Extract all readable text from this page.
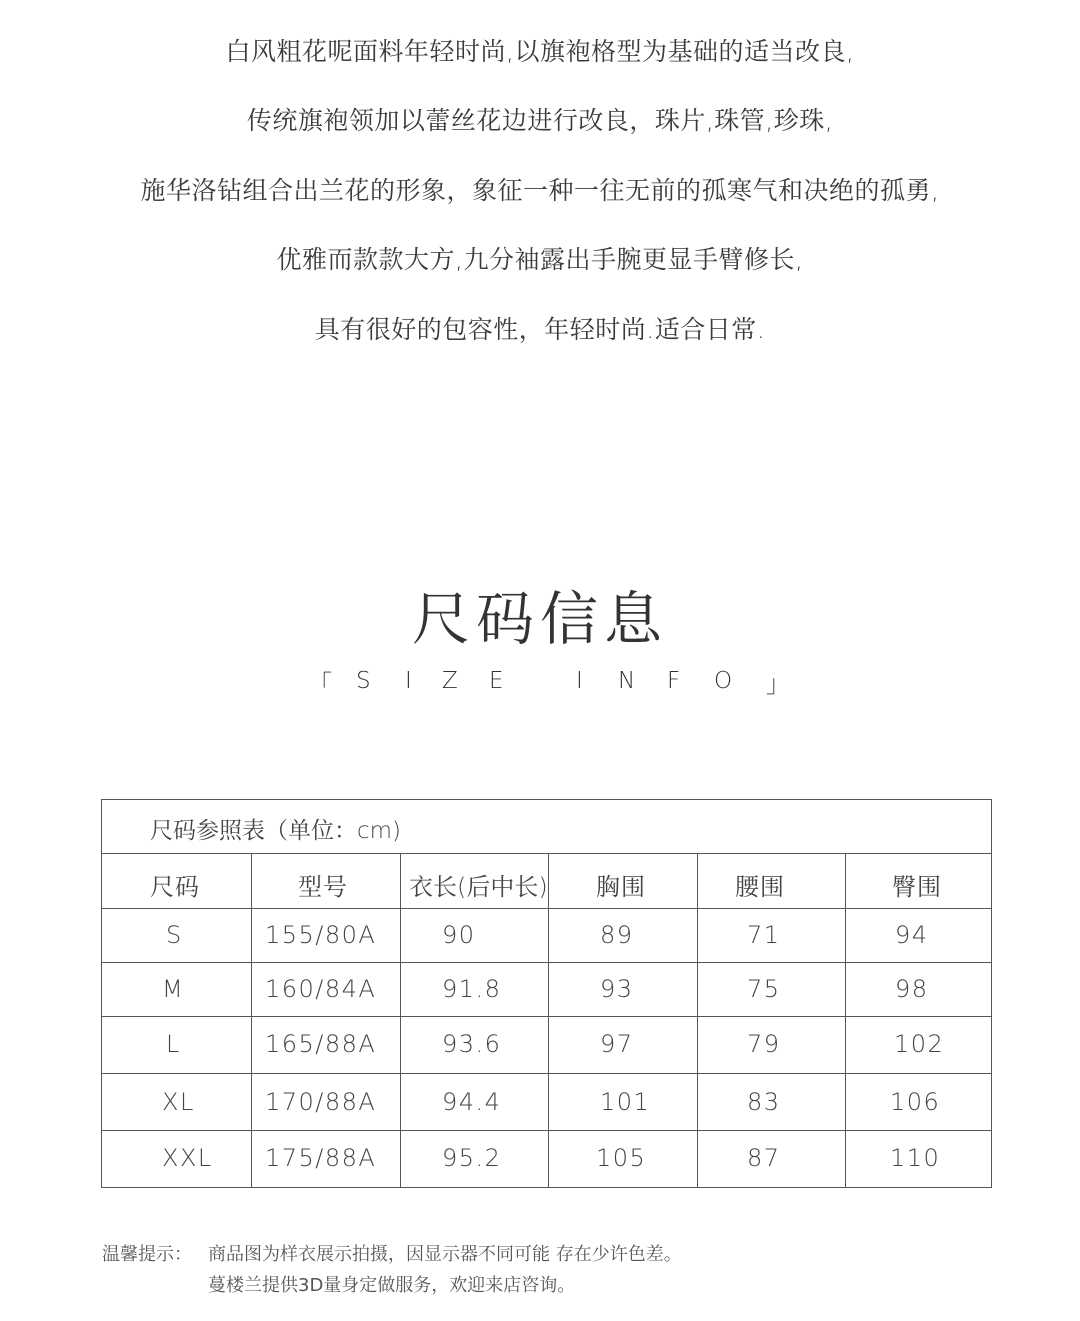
白风粗花呢面料年轻时尚,以旗袍格型为基础的适当改良,
传统旗袍领加以蕾丝花边进行改良，珠片,珠管,珍珠,
施华洛钻组合出兰花的形象，象征一种一往无前的孤寒气和决绝的孤勇,
优雅而款款大方,九分袖露出手腕更显手臂修长,
具有很好的包容性，年轻时尚.适合日常.
尺码信息
「 S I Z E	I N F O 」
尺码参照表（单位：cm)
尺码	型号	衣长(后中长) 胸围	腰围	臀围
S	155/80A	90	89	71	94
M	160/84A	91.8	93	75	98
L	165/88A	93.6	97	79	102
XL	170/88A	94.4	101	83	106
XXL 175/88A	95.2	105	87	110
温馨提示： 商品图为样衣展示拍摄，因显示器不同可能 存在少许色差。
蔓楼兰提供3D量身定做服务，欢迎来店咨询。
